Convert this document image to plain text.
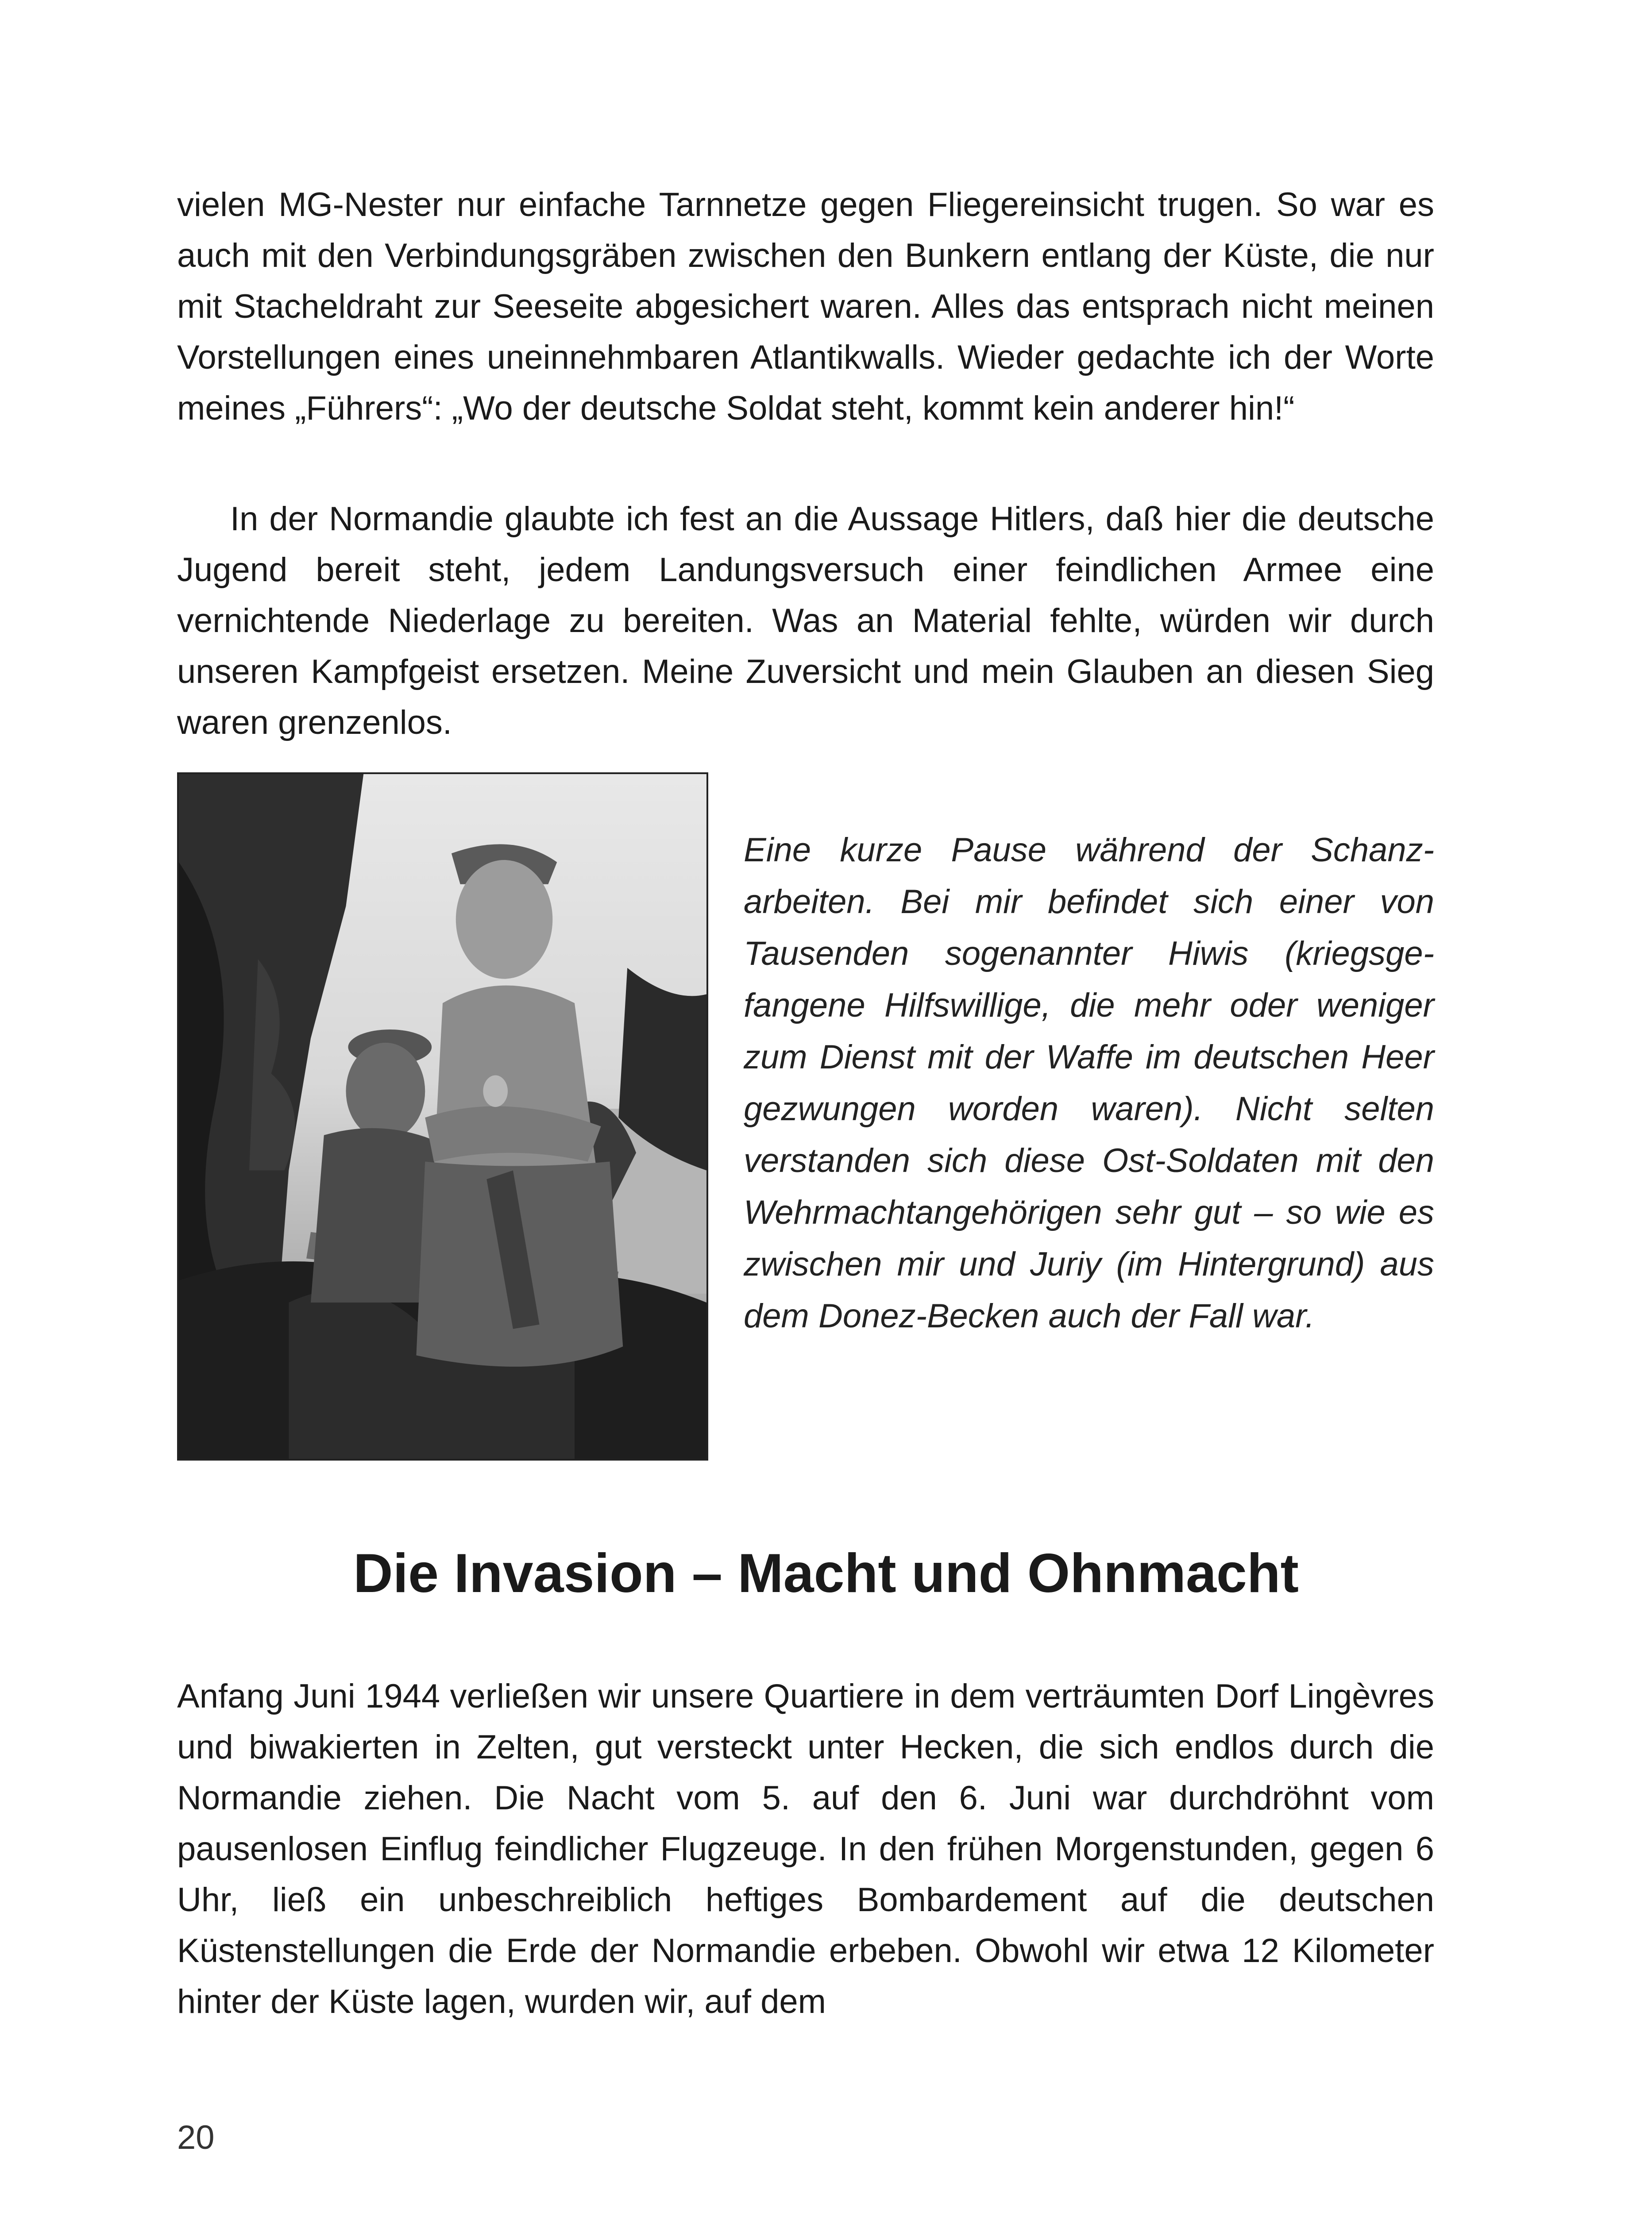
vielen MG-Nester nur einfache Tarnnetze gegen Fliegereinsicht trugen. So war es auch mit den Verbindungsgräben zwischen den Bunkern entlang der Küste, die nur mit Stacheldraht zur Seeseite abgesichert waren. Alles das entsprach nicht meinen Vorstellungen eines uneinnehmbaren Atlantikwalls. Wieder gedachte ich der Worte meines „Führers“: „Wo der deutsche Soldat steht, kommt kein anderer hin!“

In der Normandie glaubte ich fest an die Aussage Hitlers, daß hier die deutsche Jugend bereit steht, jedem Landungsversuch einer feindlichen Armee eine vernichtende Niederlage zu bereiten. Was an Material fehlte, würden wir durch unseren Kampfgeist ersetzen. Meine Zuversicht und mein Glauben an diesen Sieg waren grenzenlos.

Eine kurze Pause während der Schanzarbeiten. Bei mir befindet sich einer von Tausenden sogenannter Hiwis (kriegsgefangene Hilfswillige, die mehr oder weniger zum Dienst mit der Waffe im deutschen Heer gezwungen worden waren). Nicht selten verstanden sich diese Ost-Soldaten mit den Wehrmachtangehörigen sehr gut – so wie es zwischen mir und Juriy (im Hintergrund) aus dem Donez-Becken auch der Fall war.

Die Invasion – Macht und Ohnmacht

Anfang Juni 1944 verließen wir unsere Quartiere in dem verträumten Dorf Lingèvres und biwakierten in Zelten, gut versteckt unter Hecken, die sich endlos durch die Normandie ziehen. Die Nacht vom 5. auf den 6. Juni war durchdröhnt vom pausenlosen Einflug feindlicher Flugzeuge. In den frühen Morgenstunden, gegen 6 Uhr, ließ ein unbeschreiblich heftiges Bombardement auf die deutschen Küstenstellungen die Erde der Normandie erbeben. Obwohl wir etwa 12 Kilometer hinter der Küste lagen, wurden wir, auf dem

20
